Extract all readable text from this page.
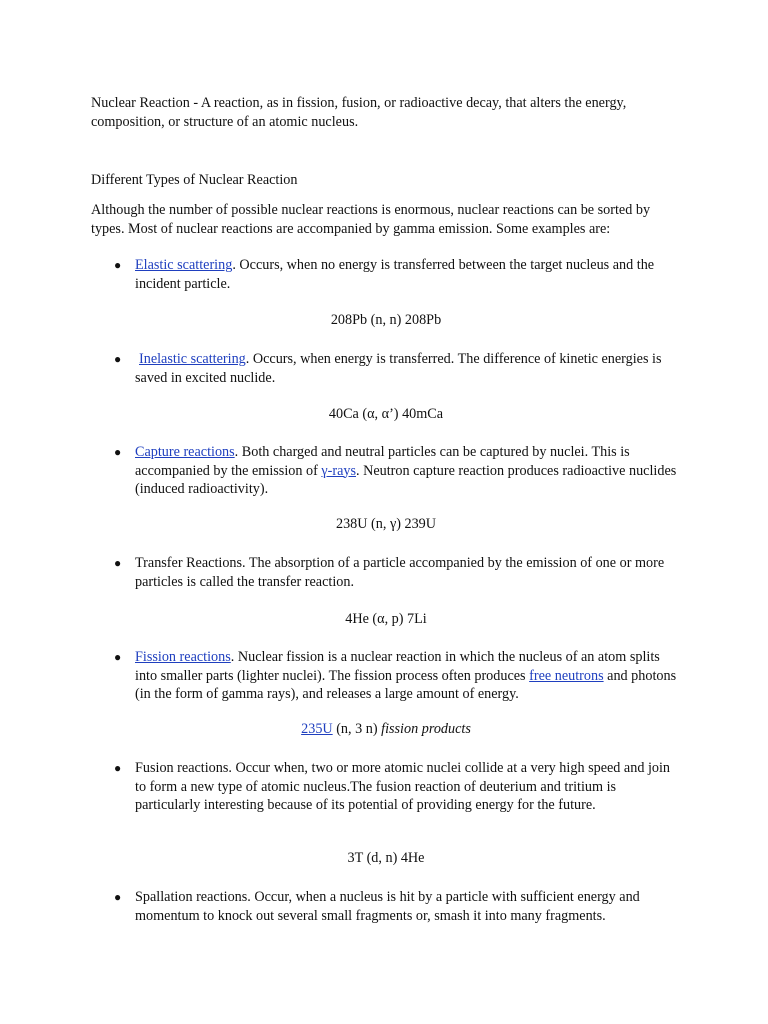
Nuclear Reaction - A reaction, as in fission, fusion, or radioactive decay, that alters the energy, composition, or structure of an atomic nucleus.

Different Types of Nuclear Reaction

Although the number of possible nuclear reactions is enormous, nuclear reactions can be sorted by types. Most of nuclear reactions are accompanied by gamma emission. Some examples are:

● Elastic scattering. Occurs, when no energy is transferred between the target nucleus and the incident particle.

208Pb (n, n) 208Pb
● Inelastic scattering. Occurs, when energy is transferred. The difference of kinetic energies is saved in excited nuclide.

40Ca (α, α’) 40mCa
● Capture reactions. Both charged and neutral particles can be captured by nuclei. This is accompanied by the emission of γ-rays. Neutron capture reaction produces radioactive nuclides (induced radioactivity).

238U (n, γ) 239U
● Transfer Reactions. The absorption of a particle accompanied by the emission of one or more particles is called the transfer reaction.

4He (α, p) 7Li
● Fission reactions. Nuclear fission is a nuclear reaction in which the nucleus of an atom splits into smaller parts (lighter nuclei). The fission process often produces free neutrons and photons (in the form of gamma rays), and releases a large amount of energy.

235U (n, 3 n) fission products
● Fusion reactions. Occur when, two or more atomic nuclei collide at a very high speed and join to form a new type of atomic nucleus.The fusion reaction of deuterium and tritium is particularly interesting because of its potential of providing energy for the future.

3T (d, n) 4He
● Spallation reactions. Occur, when a nucleus is hit by a particle with sufficient energy and momentum to knock out several small fragments or, smash it into many fragments.
